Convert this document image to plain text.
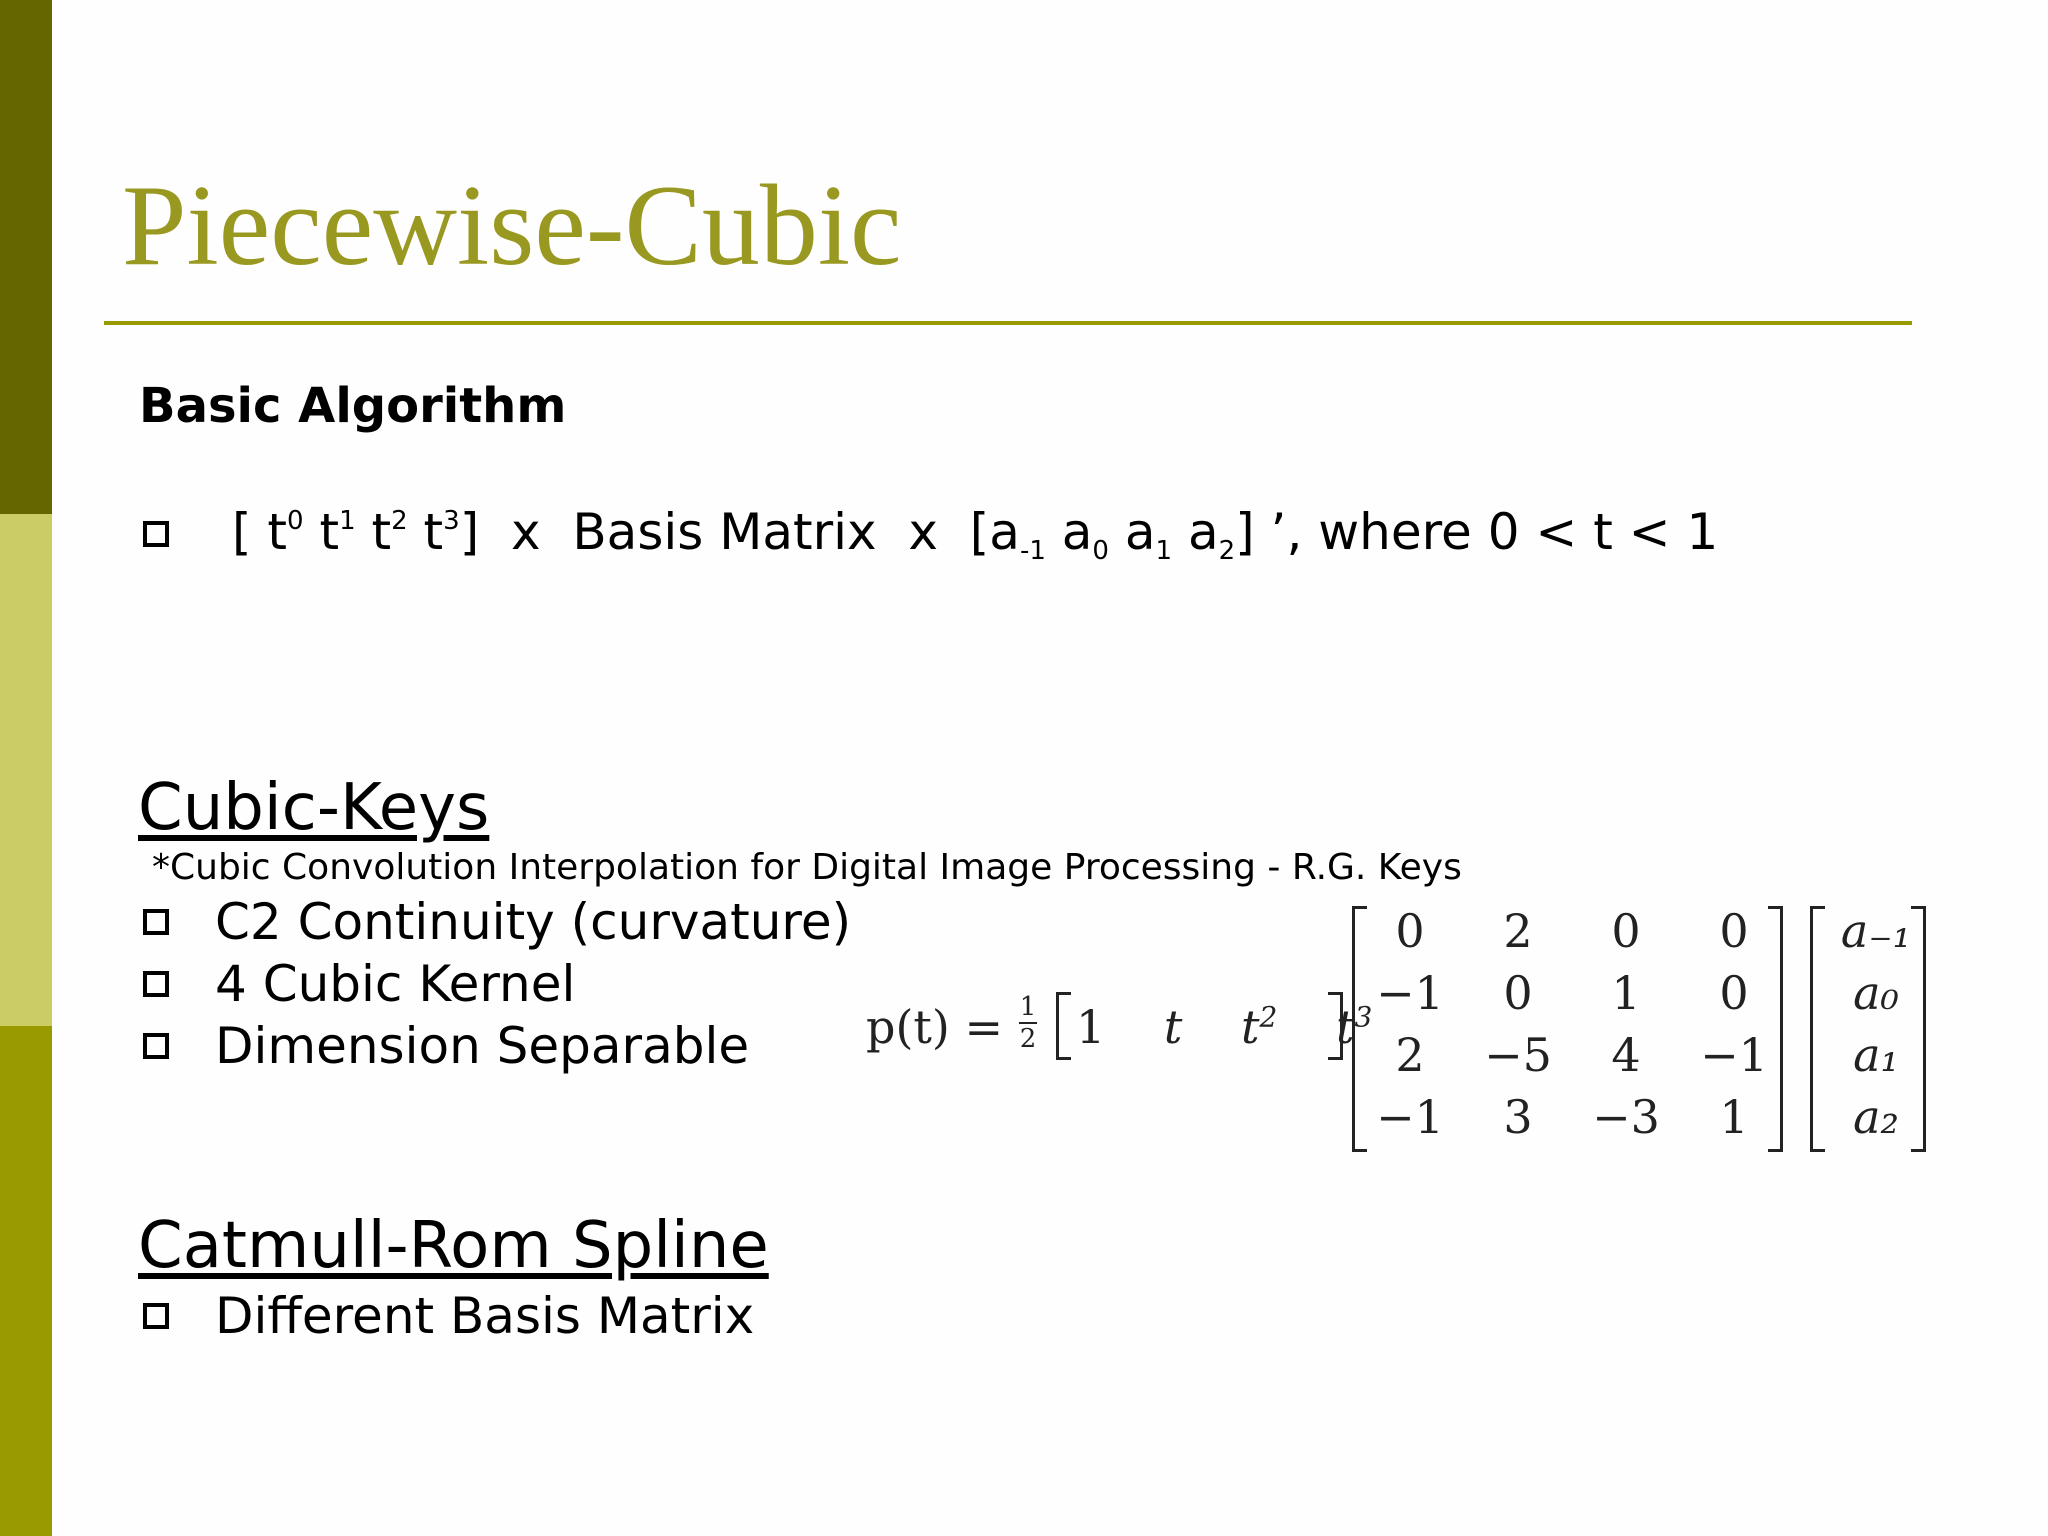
Piecewise-Cubic
Basic Algorithm
[ $t^0$ $t^1$ $t^2$ $t^3$]  x  Basis Matrix  x  [$a_{-1}$ $a_0$ $a_1$ $a_2$] ’, where 0 < t < 1
Cubic-Keys
*Cubic Convolution Interpolation for Digital Image Processing - R.G. Keys
C2 Continuity (curvature)
4 Cubic Kernel
Dimension Separable	p(t) = 1
2 1 t $t^2$ $t^3$
0	2	0	0
−1	0	1	0
2	−5	4	−1
−1	3	−3	1
a₋₁
a₀
a₁
a₂
Catmull-Rom Spline
Different Basis Matrix
